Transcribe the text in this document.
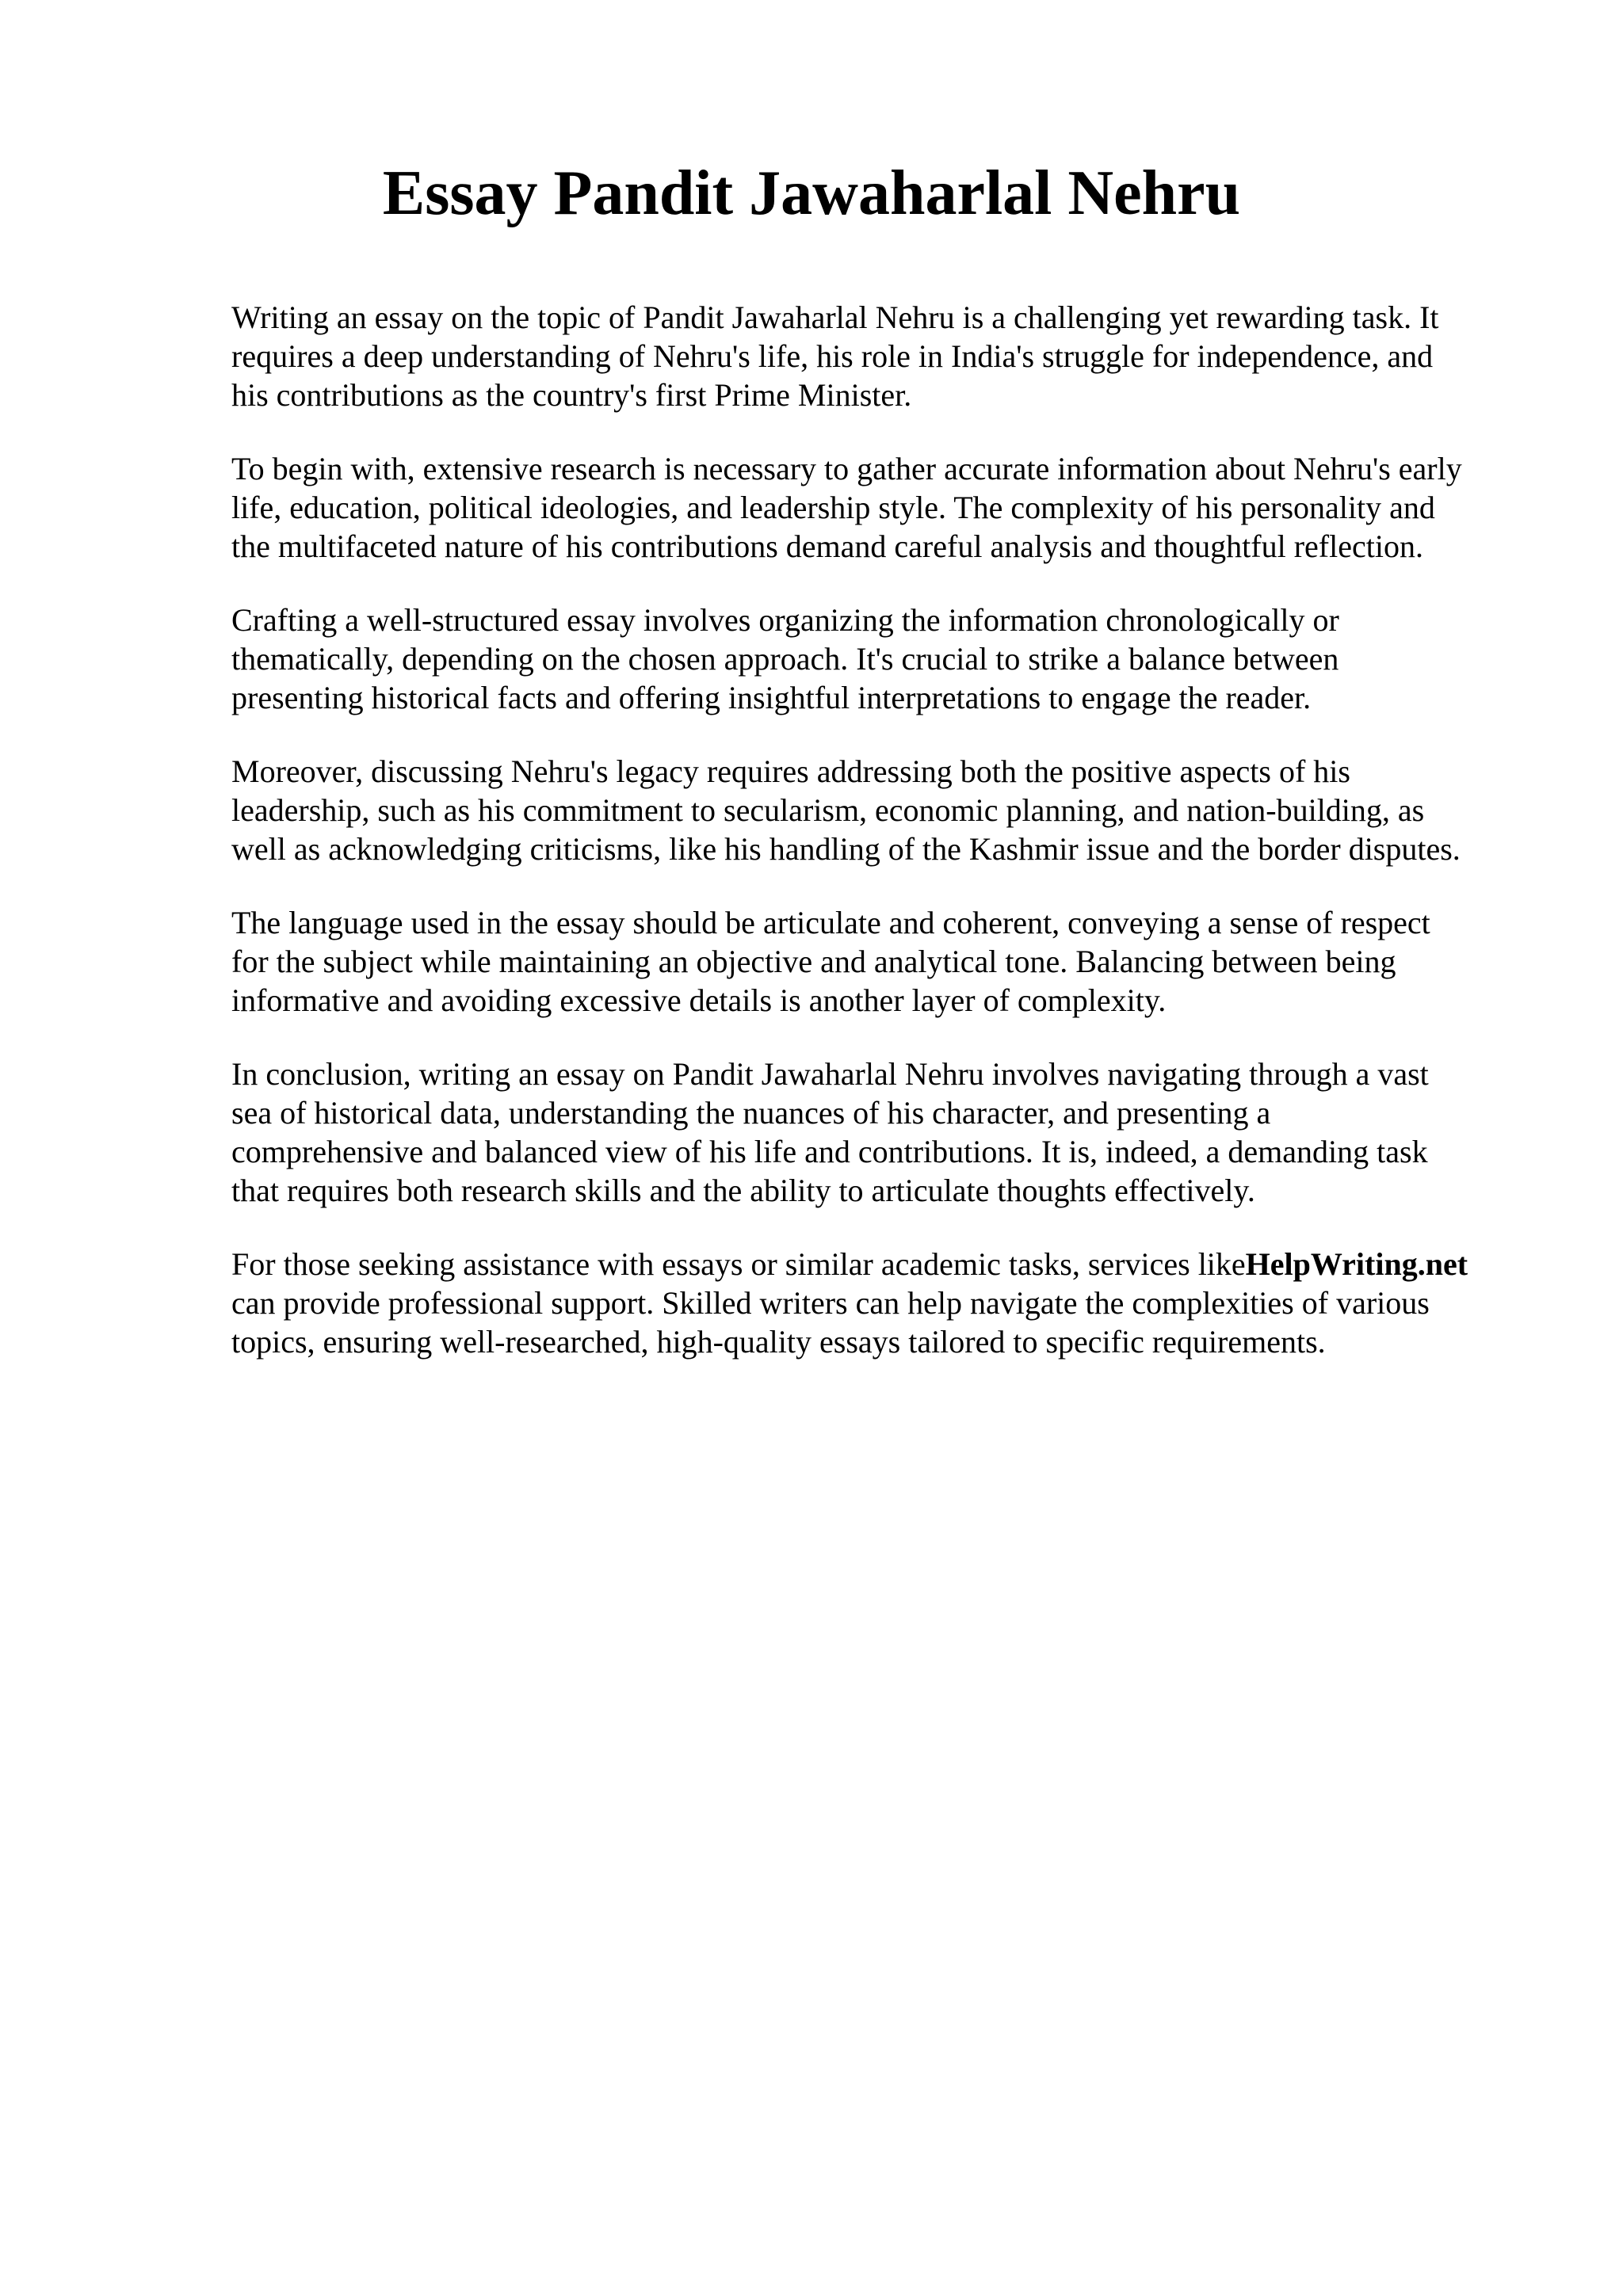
Essay Pandit Jawaharlal Nehru

Writing an essay on the topic of Pandit Jawaharlal Nehru is a challenging yet rewarding task. It
requires a deep understanding of Nehru's life, his role in India's struggle for independence, and
his contributions as the country's first Prime Minister.

To begin with, extensive research is necessary to gather accurate information about Nehru's early
life, education, political ideologies, and leadership style. The complexity of his personality and
the multifaceted nature of his contributions demand careful analysis and thoughtful reflection.

Crafting a well-structured essay involves organizing the information chronologically or
thematically, depending on the chosen approach. It's crucial to strike a balance between
presenting historical facts and offering insightful interpretations to engage the reader.

Moreover, discussing Nehru's legacy requires addressing both the positive aspects of his
leadership, such as his commitment to secularism, economic planning, and nation-building, as
well as acknowledging criticisms, like his handling of the Kashmir issue and the border disputes.

The language used in the essay should be articulate and coherent, conveying a sense of respect
for the subject while maintaining an objective and analytical tone. Balancing between being
informative and avoiding excessive details is another layer of complexity.

In conclusion, writing an essay on Pandit Jawaharlal Nehru involves navigating through a vast
sea of historical data, understanding the nuances of his character, and presenting a
comprehensive and balanced view of his life and contributions. It is, indeed, a demanding task
that requires both research skills and the ability to articulate thoughts effectively.

For those seeking assistance with essays or similar academic tasks, services likeHelpWriting.net
can provide professional support. Skilled writers can help navigate the complexities of various
topics, ensuring well-researched, high-quality essays tailored to specific requirements.
